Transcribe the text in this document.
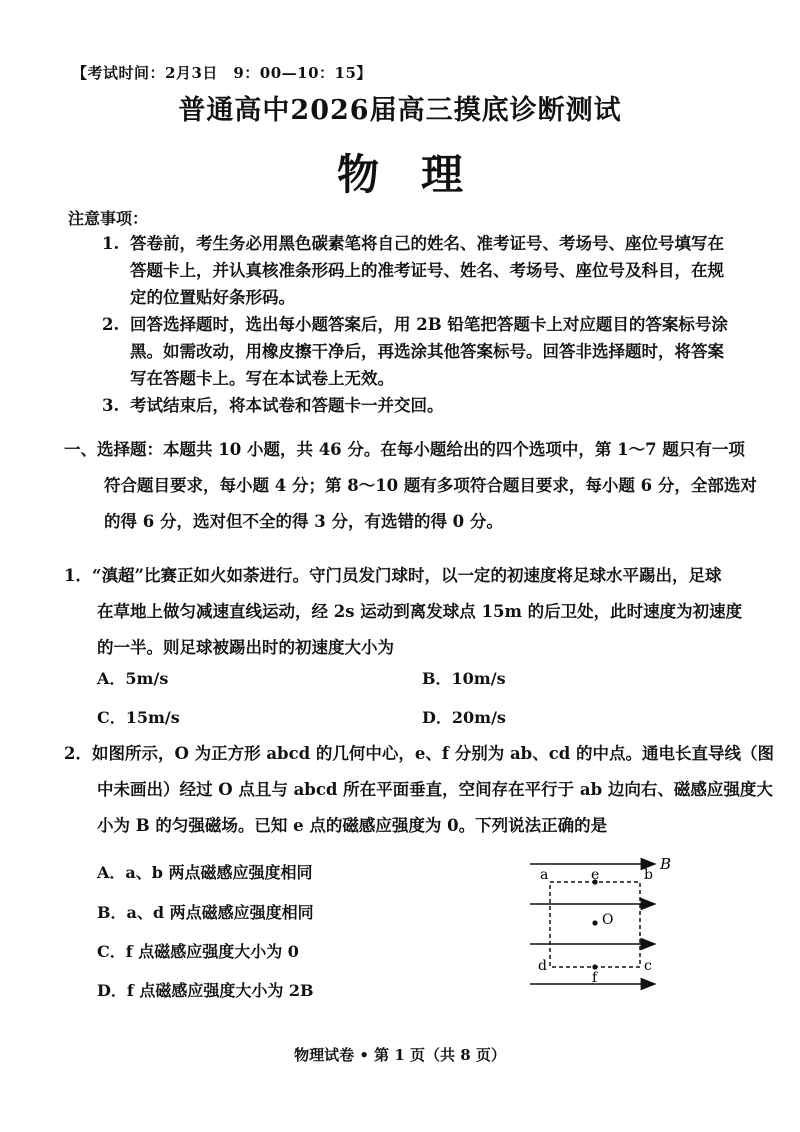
【考试时间：2月3日　9：00—10：15】
普通高中2026届高三摸底诊断测试
物理
注意事项：
1. 答卷前，考生务必用黑色碳素笔将自己的姓名、准考证号、考场号、座位号填写在
答题卡上，并认真核准条形码上的准考证号、姓名、考场号、座位号及科目，在规
定的位置贴好条形码。
2. 回答选择题时，选出每小题答案后，用 2B 铅笔把答题卡上对应题目的答案标号涂
黑。如需改动，用橡皮擦干净后，再选涂其他答案标号。回答非选择题时，将答案
写在答题卡上。写在本试卷上无效。
3. 考试结束后，将本试卷和答题卡一并交回。
一、选择题：本题共 10 小题，共 46 分。在每小题给出的四个选项中，第 1～7 题只有一项
符合题目要求，每小题 4 分；第 8～10 题有多项符合题目要求，每小题 6 分，全部选对
的得 6 分，选对但不全的得 3 分，有选错的得 0 分。
1．“滇超”比赛正如火如荼进行。守门员发门球时，以一定的初速度将足球水平踢出，足球
在草地上做匀减速直线运动，经 2s 运动到离发球点 15m 的后卫处，此时速度为初速度
的一半。则足球被踢出时的初速度大小为
A．5m/s	B．10m/s
C．15m/s	D．20m/s
2．如图所示，O 为正方形 abcd 的几何中心，e、f 分别为 ab、cd 的中点。通电长直导线（图
中未画出）经过 O 点且与 abcd 所在平面垂直，空间存在平行于 ab 边向右、磁感应强度大
小为 B 的匀强磁场。已知 e 点的磁感应强度为 0。下列说法正确的是
A．a、b 两点磁感应强度相同
B．a、d 两点磁感应强度相同
C．f 点磁感应强度大小为 0
D．f 点磁感应强度大小为 2B
a	b
c
d
e
f
O
B
物理试卷 • 第 1 页（共 8 页）
